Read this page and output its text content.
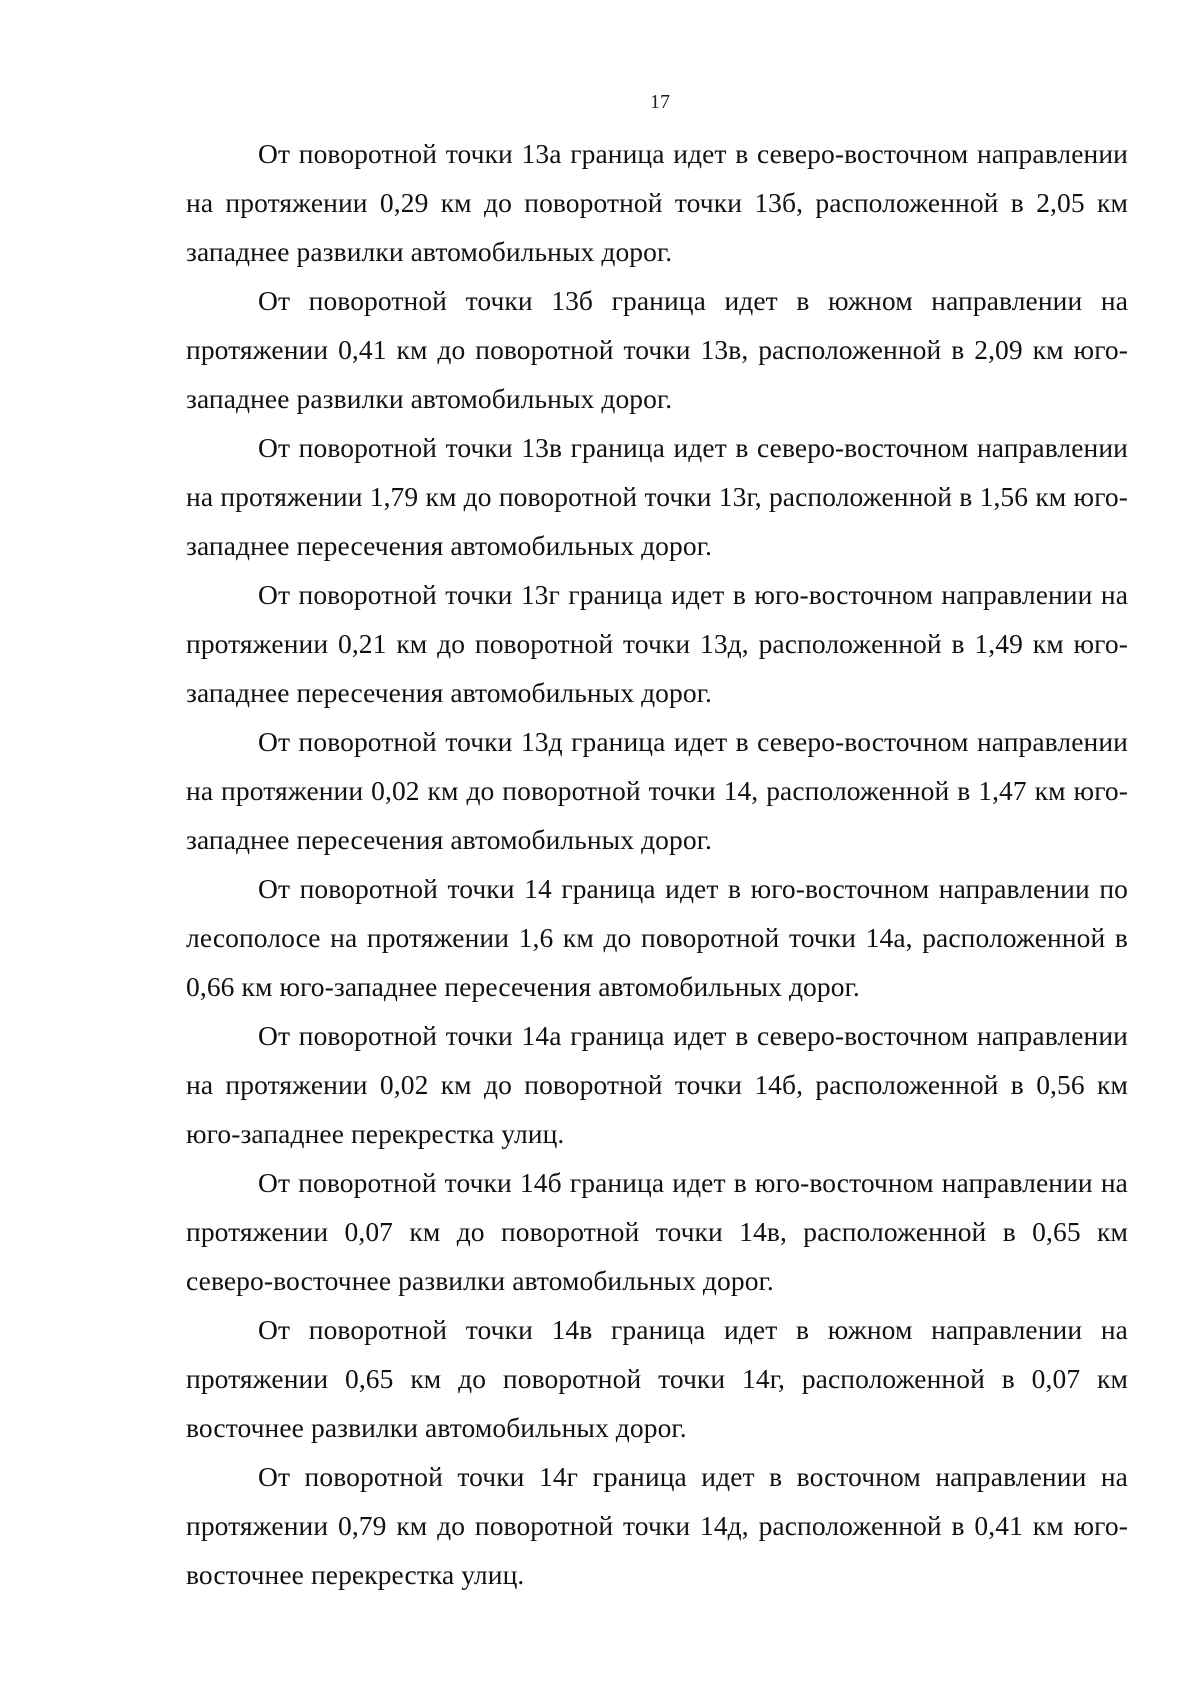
17

От поворотной точки 13а граница идет в северо-восточном направлении на протяжении 0,29 км до поворотной точки 13б, расположенной в 2,05 км западнее развилки автомобильных дорог.

От поворотной точки 13б граница идет в южном направлении на протяжении 0,41 км до поворотной точки 13в, расположенной в 2,09 км юго-западнее развилки автомобильных дорог.

От поворотной точки 13в граница идет в северо-восточном направлении на протяжении 1,79 км до поворотной точки 13г, расположенной в 1,56 км юго-западнее пересечения автомобильных дорог.

От поворотной точки 13г граница идет в юго-восточном направлении на протяжении 0,21 км до поворотной точки 13д, расположенной в 1,49 км юго-западнее пересечения автомобильных дорог.

От поворотной точки 13д граница идет в северо-восточном направлении на протяжении 0,02 км до поворотной точки 14, расположенной в 1,47 км юго-западнее пересечения автомобильных дорог.

От поворотной точки 14 граница идет в юго-восточном направлении по лесополосе на протяжении 1,6 км до поворотной точки 14а, расположенной в 0,66 км юго-западнее пересечения автомобильных дорог.

От поворотной точки 14а граница идет в северо-восточном направлении на протяжении 0,02 км до поворотной точки 14б, расположенной в 0,56 км юго-западнее перекрестка улиц.

От поворотной точки 14б граница идет в юго-восточном направлении на протяжении 0,07 км до поворотной точки 14в, расположенной в 0,65 км северо-восточнее развилки автомобильных дорог.

От поворотной точки 14в граница идет в южном направлении на протяжении 0,65 км до поворотной точки 14г, расположенной в 0,07 км восточнее развилки автомобильных дорог.

От поворотной точки 14г граница идет в восточном направлении на протяжении 0,79 км до поворотной точки 14д, расположенной в 0,41 км юго-восточнее перекрестка улиц.
